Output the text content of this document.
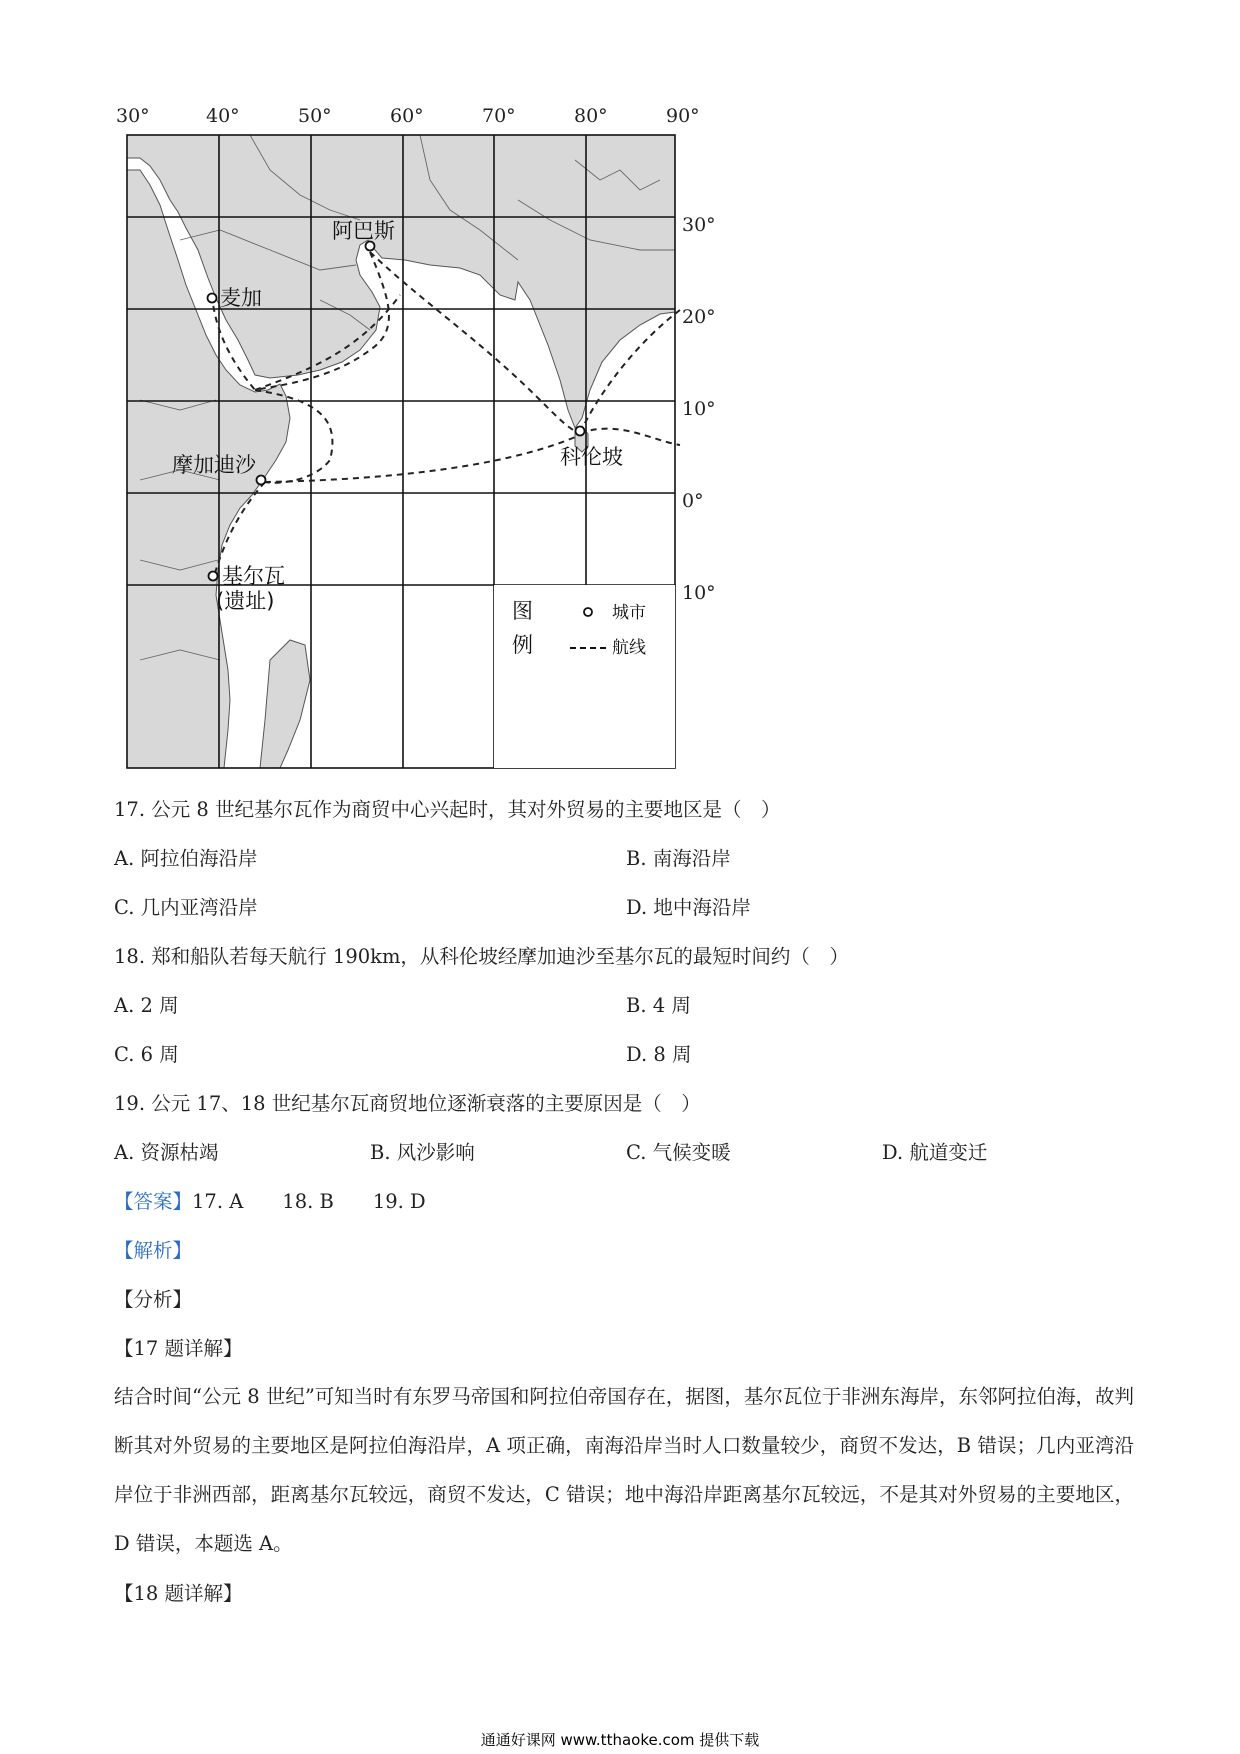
30°	40°	50°	60°	70°	80°	90°
30°
20°
10°
0°
10°
阿巴斯
麦加
摩加迪沙	科伦坡
基尔瓦
(遗址)	图
例
城市
航线
17. 公元 8 世纪基尔瓦作为商贸中心兴起时，其对外贸易的主要地区是（　）
A. 阿拉伯海沿岸	B. 南海沿岸
C. 几内亚湾沿岸	D. 地中海沿岸
18. 郑和船队若每天航行 190km，从科伦坡经摩加迪沙至基尔瓦的最短时间约（　）
A. 2 周	B. 4 周
C. 6 周	D. 8 周
19. 公元 17、18 世纪基尔瓦商贸地位逐渐衰落的主要原因是（　）
A. 资源枯竭	B. 风沙影响	C. 气候变暖	D. 航道变迁
【答案】17. A　　18. B　　19. D
【解析】
【分析】
【17 题详解】
结合时间“公元 8 世纪”可知当时有东罗马帝国和阿拉伯帝国存在，据图，基尔瓦位于非洲东海岸，东邻阿拉伯海，故判断其对外贸易的主要地区是阿拉伯海沿岸，A 项正确，南海沿岸当时人口数量较少，商贸不发达，B 错误；几内亚湾沿岸位于非洲西部，距离基尔瓦较远，商贸不发达，C 错误；地中海沿岸距离基尔瓦较远，不是其对外贸易的主要地区，D 错误，本题选 A。
【18 题详解】
通通好课网 www.tthaoke.com 提供下载
